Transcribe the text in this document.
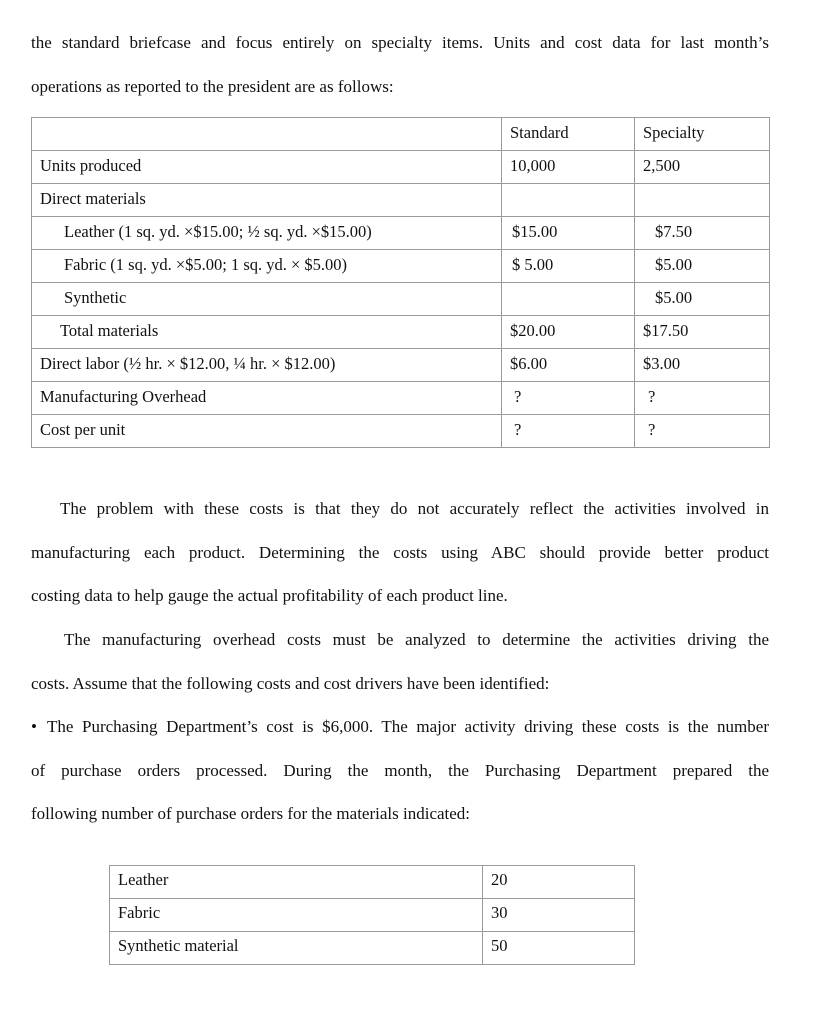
the standard briefcase and focus entirely on specialty items. Units and cost data for last month’s
operations as reported to the president are as follows:
	Standard	Specialty
Units produced	10,000	2,500
Direct materials		
Leather (1 sq. yd. ×$15.00; ½ sq. yd. ×$15.00)	$15.00	$7.50
Fabric (1 sq. yd. ×$5.00; 1 sq. yd. × $5.00)	$ 5.00	$5.00
Synthetic		$5.00
Total materials	$20.00	$17.50
Direct labor (½ hr. × $12.00, ¼ hr. × $12.00)	$6.00	$3.00
Manufacturing Overhead	?	?
Cost per unit	?	?
The problem with these costs is that they do not accurately reflect the activities involved in
manufacturing each product. Determining the costs using ABC should provide better product
costing data to help gauge the actual profitability of each product line.
The manufacturing overhead costs must be analyzed to determine the activities driving the
costs. Assume that the following costs and cost drivers have been identified:
• The Purchasing Department’s cost is $6,000. The major activity driving these costs is the number
of purchase orders processed. During the month, the Purchasing Department prepared the
following number of purchase orders for the materials indicated:
Leather	20
Fabric	30
Synthetic material	50
